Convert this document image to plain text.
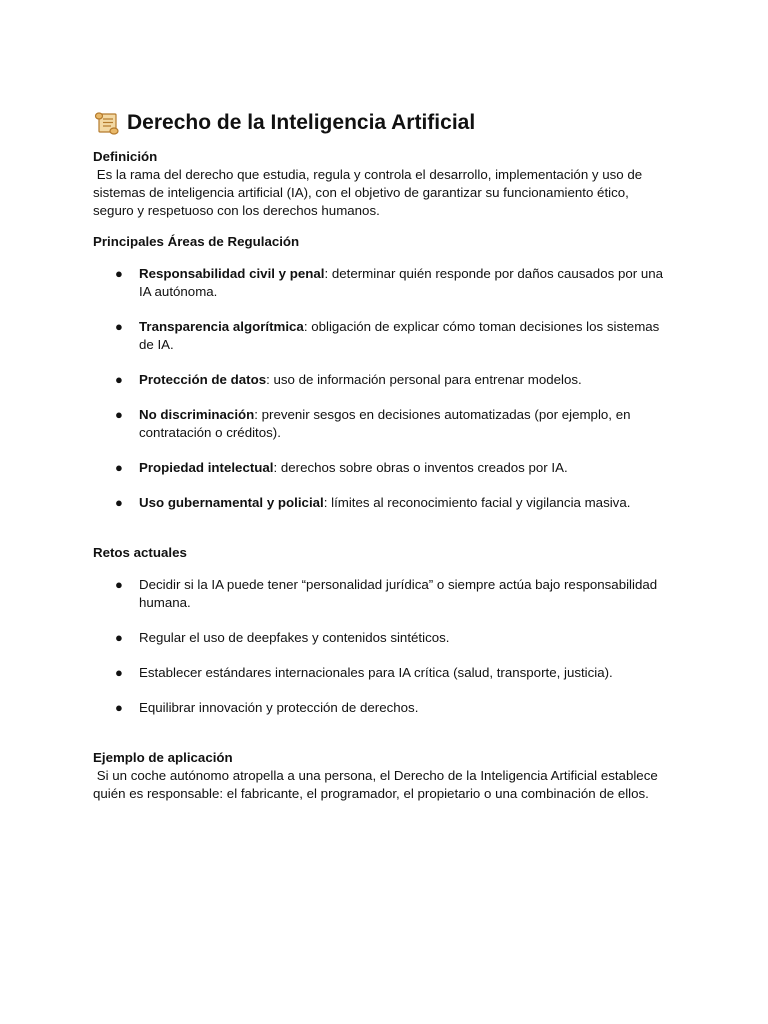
Derecho de la Inteligencia Artificial
Definición
Es la rama del derecho que estudia, regula y controla el desarrollo, implementación y uso de sistemas de inteligencia artificial (IA), con el objetivo de garantizar su funcionamiento ético, seguro y respetuoso con los derechos humanos.
Principales Áreas de Regulación
● Responsabilidad civil y penal: determinar quién responde por daños causados por una IA autónoma.
● Transparencia algorítmica: obligación de explicar cómo toman decisiones los sistemas de IA.
● Protección de datos: uso de información personal para entrenar modelos.
● No discriminación: prevenir sesgos en decisiones automatizadas (por ejemplo, en contratación o créditos).
● Propiedad intelectual: derechos sobre obras o inventos creados por IA.
● Uso gubernamental y policial: límites al reconocimiento facial y vigilancia masiva.
Retos actuales
● Decidir si la IA puede tener “personalidad jurídica” o siempre actúa bajo responsabilidad humana.
● Regular el uso de deepfakes y contenidos sintéticos.
● Establecer estándares internacionales para IA crítica (salud, transporte, justicia).
● Equilibrar innovación y protección de derechos.
Ejemplo de aplicación
Si un coche autónomo atropella a una persona, el Derecho de la Inteligencia Artificial establece quién es responsable: el fabricante, el programador, el propietario o una combinación de ellos.
